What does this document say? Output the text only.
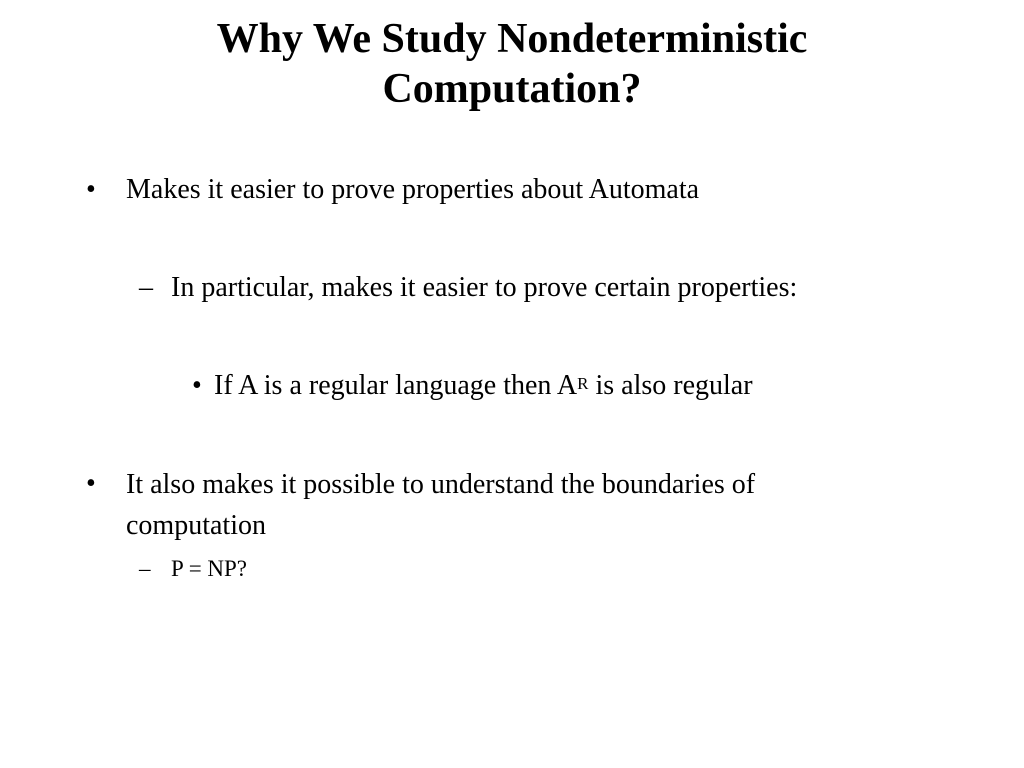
Why We Study Nondeterministic
Computation?
• Makes it easier to prove properties about Automata
– In particular, makes it easier to prove certain properties:
• If A is a regular language then $A^R$ is also regular
• It also makes it possible to understand the boundaries of
computation
– P = NP?
